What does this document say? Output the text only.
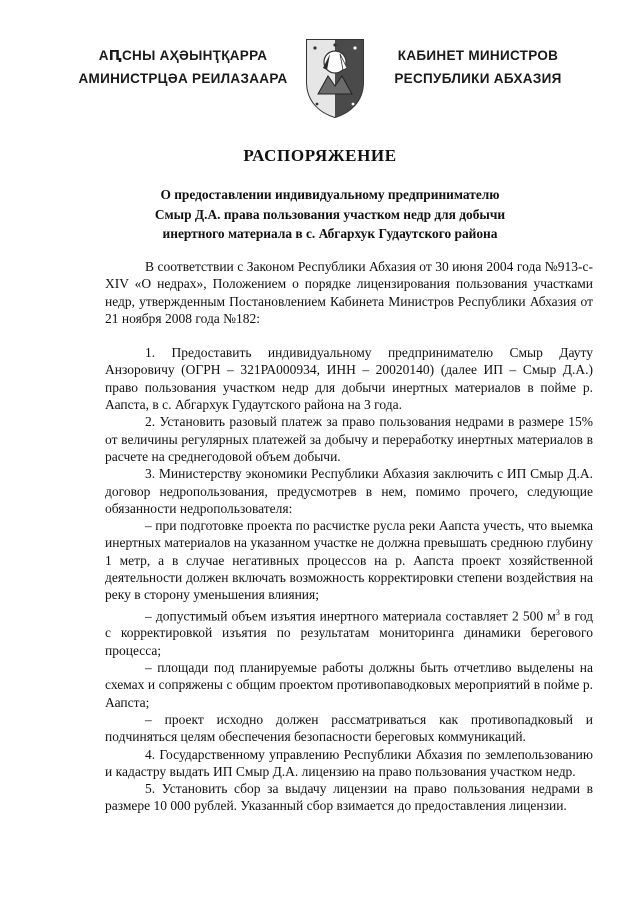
АԤСНЫ АҲӘЫНҬҚАРРА
АМИНИСТРЦӘА РЕИЛАЗААРА
КАБИНЕТ МИНИСТРОВ
РЕСПУБЛИКИ АБХАЗИЯ
РАСПОРЯЖЕНИЕ
О предоставлении индивидуальному предпринимателю
Смыр Д.А. права пользования участком недр для добычи
инертного материала в с. Абгархук Гудаутского района

В соответствии с Законом Республики Абхазия от 30 июня 2004 года №913-с-XIV «О недрах», Положением о порядке лицензирования пользования участками недр, утвержденным Постановлением Кабинета Министров Республики Абхазия от 21 ноября 2008 года №182:

1. Предоставить индивидуальному предпринимателю Смыр Дауту Анзоровичу (ОГРН – 321РА000934, ИНН – 20020140) (далее ИП – Смыр Д.А.) право пользования участком недр для добычи инертных материалов в пойме р. Аапста, в с. Абгархук Гудаутского района на 3 года.

2. Установить разовый платеж за право пользования недрами в размере 15% от величины регулярных платежей за добычу и переработку инертных материалов в расчете на среднегодовой объем добычи.

3. Министерству экономики Республики Абхазия заключить с ИП Смыр Д.А. договор недропользования, предусмотрев в нем, помимо прочего, следующие обязанности недропользователя:

– при подготовке проекта по расчистке русла реки Аапста учесть, что выемка инертных материалов на указанном участке не должна превышать среднюю глубину 1 метр, а в случае негативных процессов на р. Аапста проект хозяйственной деятельности должен включать возможность корректировки степени воздействия на реку в сторону уменьшения влияния;

– допустимый объем изъятия инертного материала составляет 2 500 $м^3$ в год с корректировкой изъятия по результатам мониторинга динамики берегового процесса;

– площади под планируемые работы должны быть отчетливо выделены на схемах и сопряжены с общим проектом противопаводковых мероприятий в пойме р. Аапста;

– проект исходно должен рассматриваться как противопадковый и подчиняться целям обеспечения безопасности береговых коммуникаций.

4. Государственному управлению Республики Абхазия по землепользованию и кадастру выдать ИП Смыр Д.А. лицензию на право пользования участком недр.

5. Установить сбор за выдачу лицензии на право пользования недрами в размере 10 000 рублей. Указанный сбор взимается до предоставления лицензии.
